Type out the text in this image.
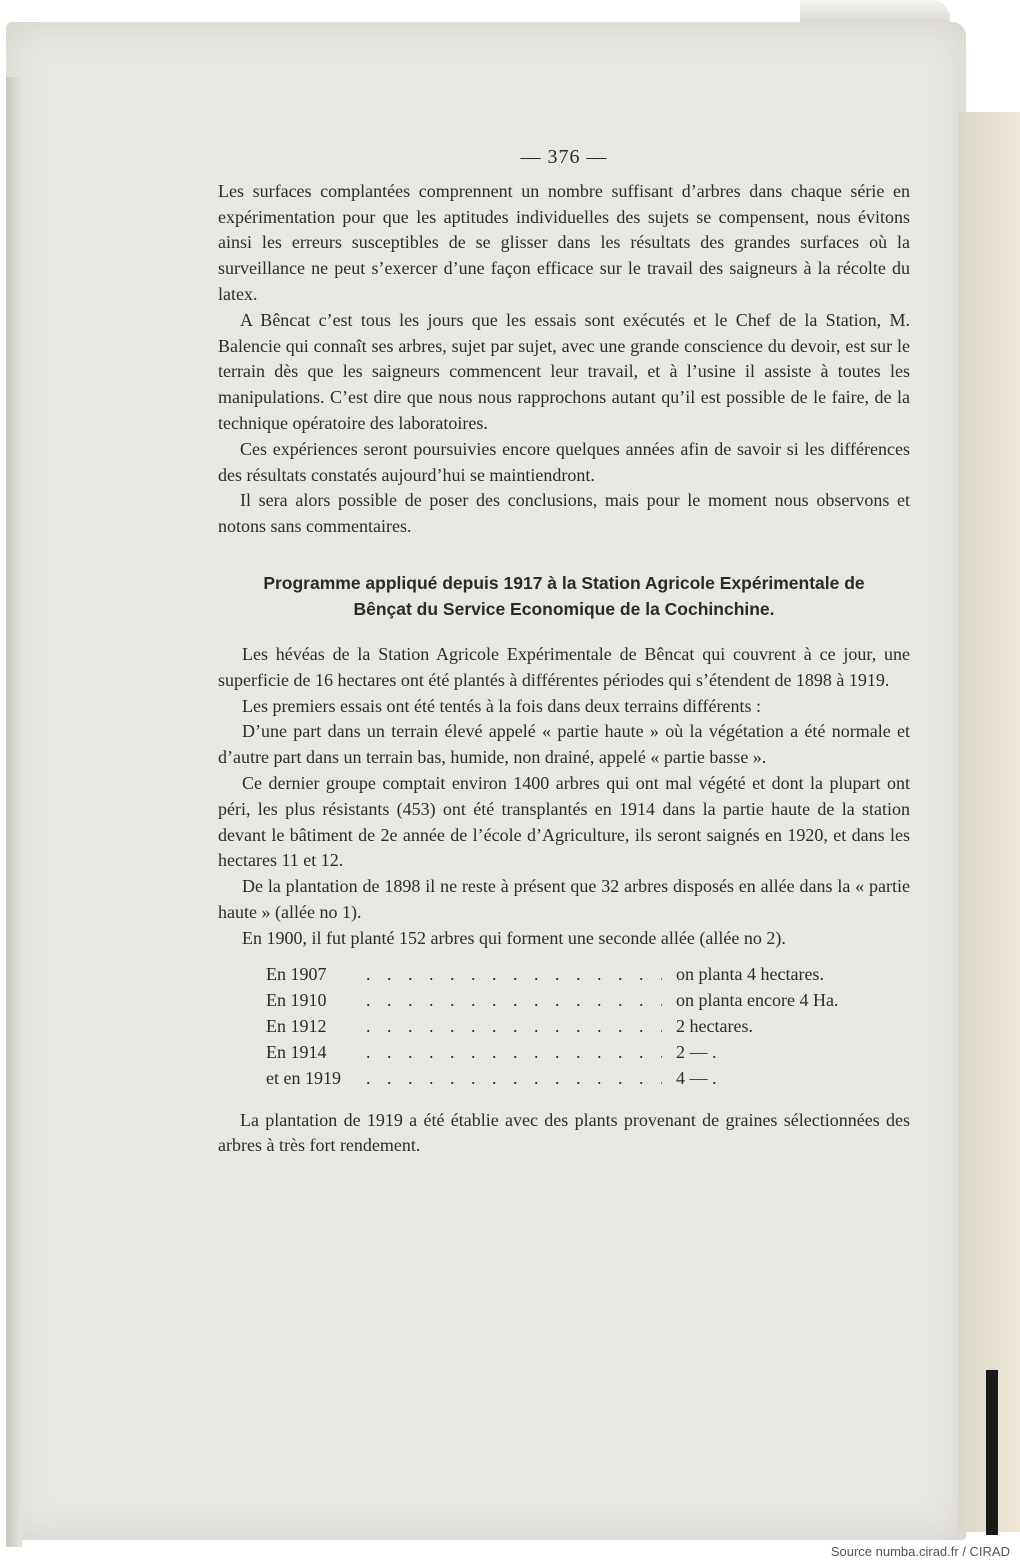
— 376 —

Les surfaces complantées comprennent un nombre suffisant d’arbres dans chaque série en expérimentation pour que les aptitudes individuelles des sujets se compensent, nous évitons ainsi les erreurs susceptibles de se glisser dans les résultats des grandes surfaces où la surveillance ne peut s’exercer d’une façon efficace sur le travail des saigneurs à la récolte du latex.

A Bêncat c’est tous les jours que les essais sont exécutés et le Chef de la Station, M. Balencie qui connaît ses arbres, sujet par sujet, avec une grande conscience du devoir, est sur le terrain dès que les saigneurs commencent leur travail, et à l’usine il assiste à toutes les manipulations. C’est dire que nous nous rapprochons autant qu’il est possible de le faire, de la technique opératoire des laboratoires.

Ces expériences seront poursuivies encore quelques années afin de savoir si les différences des résultats constatés aujourd’hui se maintiendront.

Il sera alors possible de poser des conclusions, mais pour le moment nous observons et notons sans commentaires.

Programme appliqué depuis 1917 à la Station Agricole Expérimentale de
Bênçat du Service Economique de la Cochinchine.

Les hévéas de la Station Agricole Expérimentale de Bêncat qui couvrent à ce jour, une superficie de 16 hectares ont été plantés à différentes périodes qui s’étendent de 1898 à 1919.

Les premiers essais ont été tentés à la fois dans deux terrains différents :

D’une part dans un terrain élevé appelé « partie haute » où la végétation a été normale et d’autre part dans un terrain bas, humide, non drainé, appelé « partie basse ».

Ce dernier groupe comptait environ 1400 arbres qui ont mal végété et dont la plupart ont péri, les plus résistants (453) ont été transplantés en 1914 dans la partie haute de la station devant le bâtiment de 2e année de l’école d’Agriculture, ils seront saignés en 1920, et dans les hectares 11 et 12.

De la plantation de 1898 il ne reste à présent que 32 arbres disposés en allée dans la « partie haute » (allée no 1).

En 1900, il fut planté 152 arbres qui forment une seconde allée (allée no 2).

En 1907 . . .	on planta 4 hectares.
En 1910 . . .	on planta encore 4 Ha.
En 1912 . . .	2 hectares.
En 1914 . . .	2 — .
et en 1919 . . .	4 — .

La plantation de 1919 a été établie avec des plants provenant de graines sélectionnées des arbres à très fort rendement.

Source numba.cirad.fr / CIRAD
